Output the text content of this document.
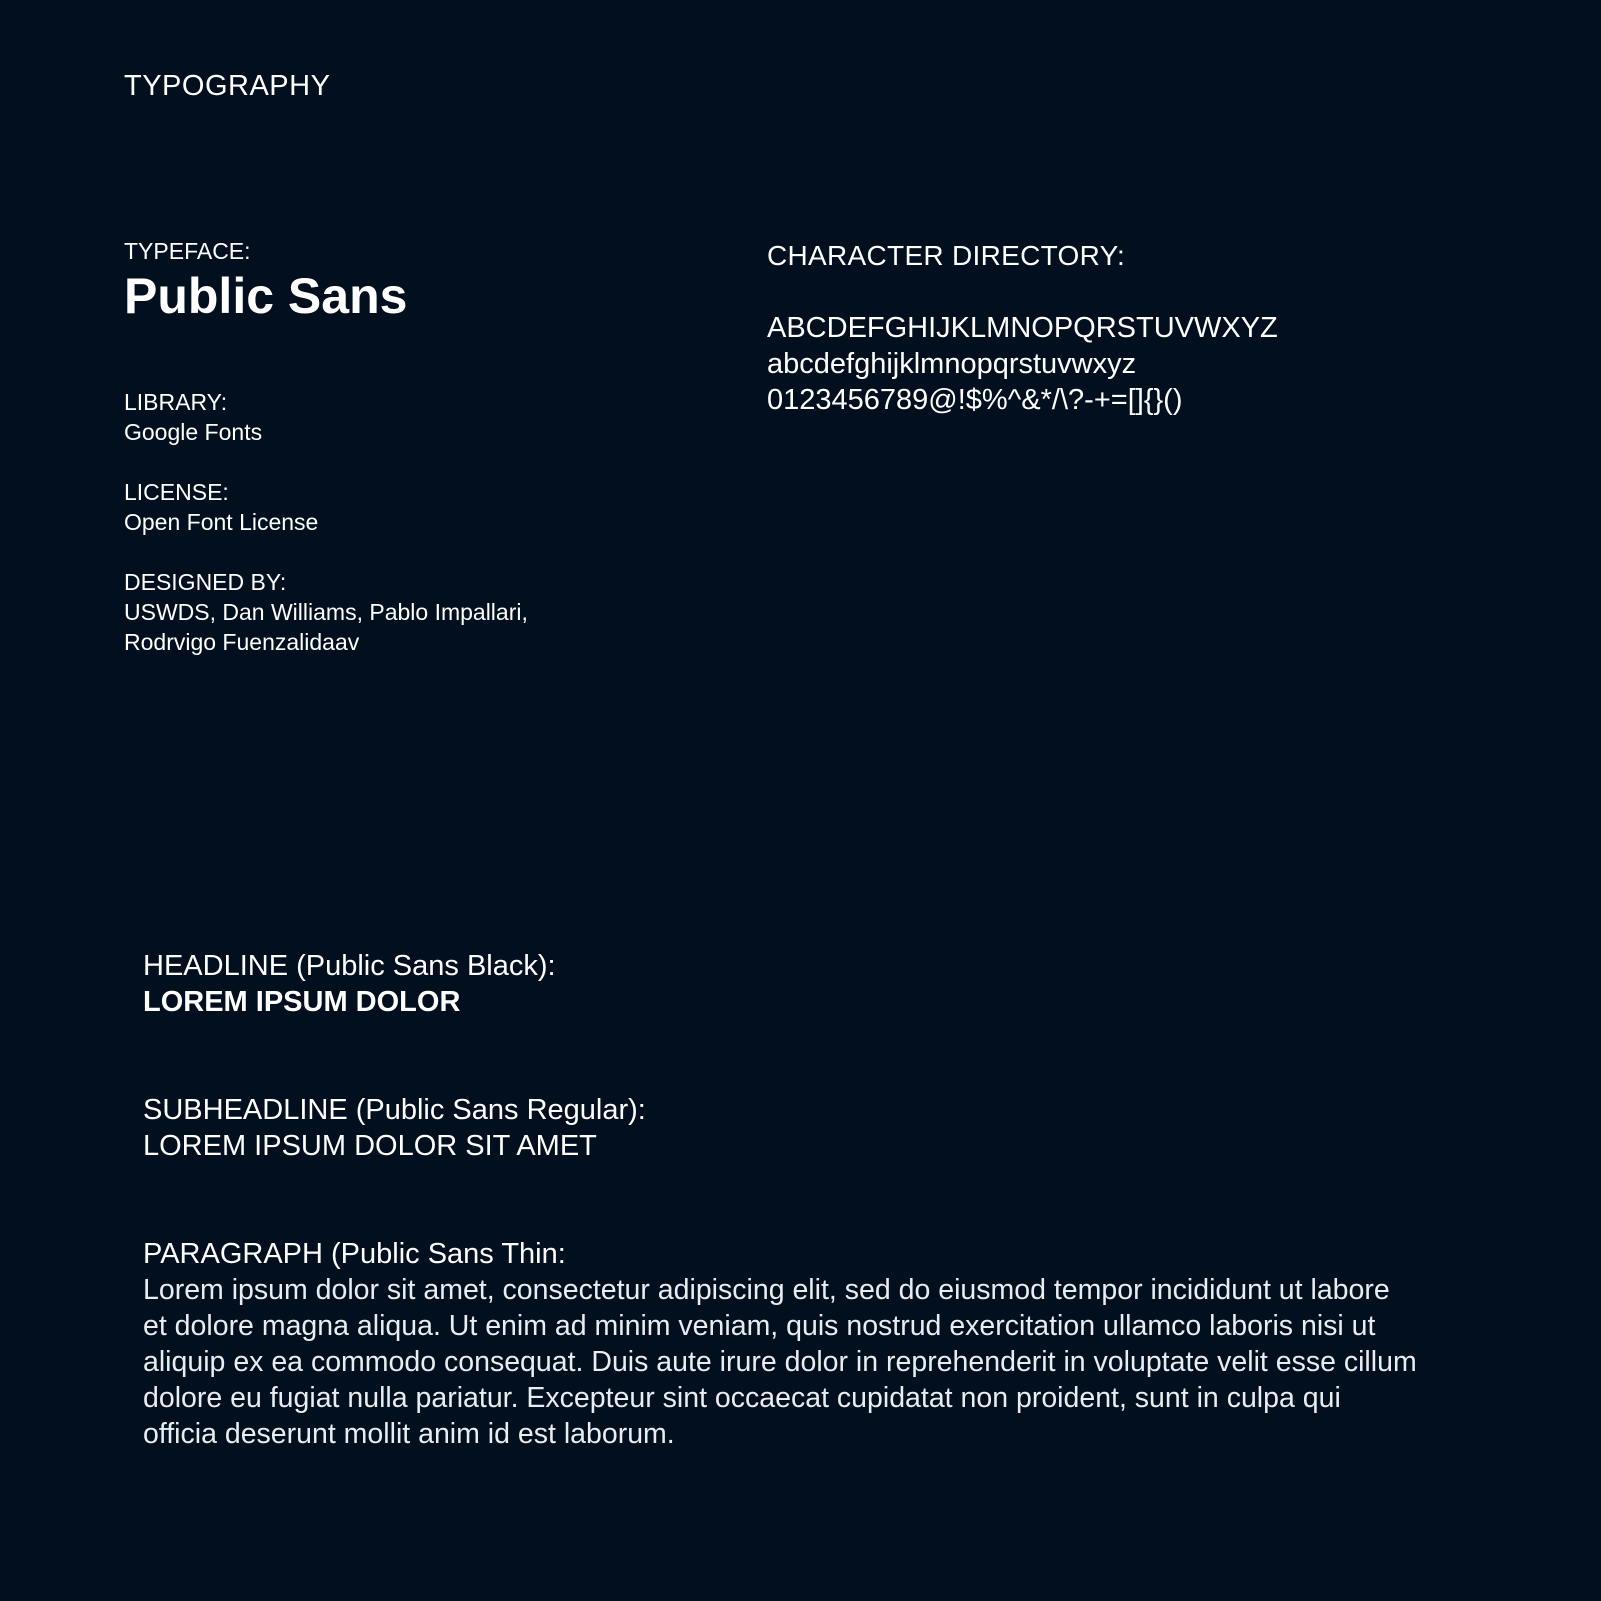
TYPOGRAPHY
TYPEFACE:
Public Sans
LIBRARY:
Google Fonts
LICENSE:
Open Font License
DESIGNED BY:
USWDS, Dan Williams, Pablo Impallari,
Rodrvigo Fuenzalidaav
CHARACTER DIRECTORY:
ABCDEFGHIJKLMNOPQRSTUVWXYZ
abcdefghijklmnopqrstuvwxyz
0123456789@!$%^&*/\?-+=[]{}()
HEADLINE (Public Sans Black):
LOREM IPSUM DOLOR
SUBHEADLINE (Public Sans Regular):
LOREM IPSUM DOLOR SIT AMET
PARAGRAPH (Public Sans Thin:
Lorem ipsum dolor sit amet, consectetur adipiscing elit, sed do eiusmod tempor incididunt ut labore
et dolore magna aliqua. Ut enim ad minim veniam, quis nostrud exercitation ullamco laboris nisi ut
aliquip ex ea commodo consequat. Duis aute irure dolor in reprehenderit in voluptate velit esse cillum
dolore eu fugiat nulla pariatur. Excepteur sint occaecat cupidatat non proident, sunt in culpa qui
officia deserunt mollit anim id est laborum.
